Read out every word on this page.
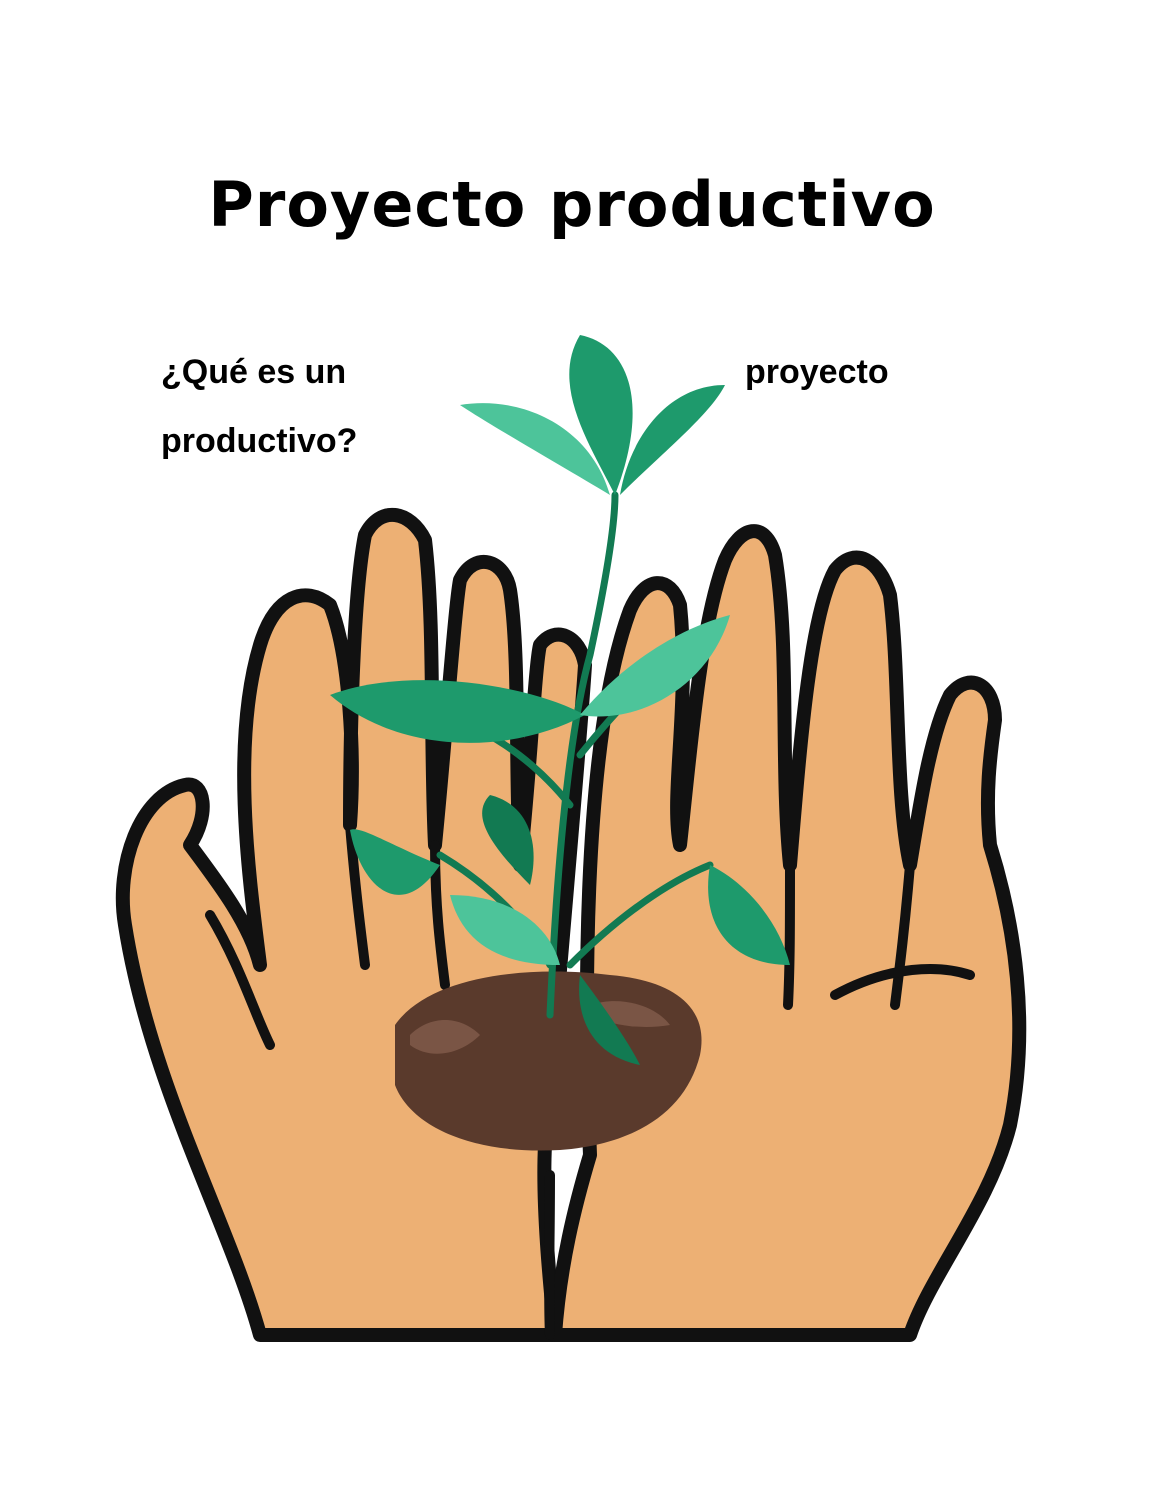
Proyecto productivo
¿Qué es un	proyecto
productivo?
